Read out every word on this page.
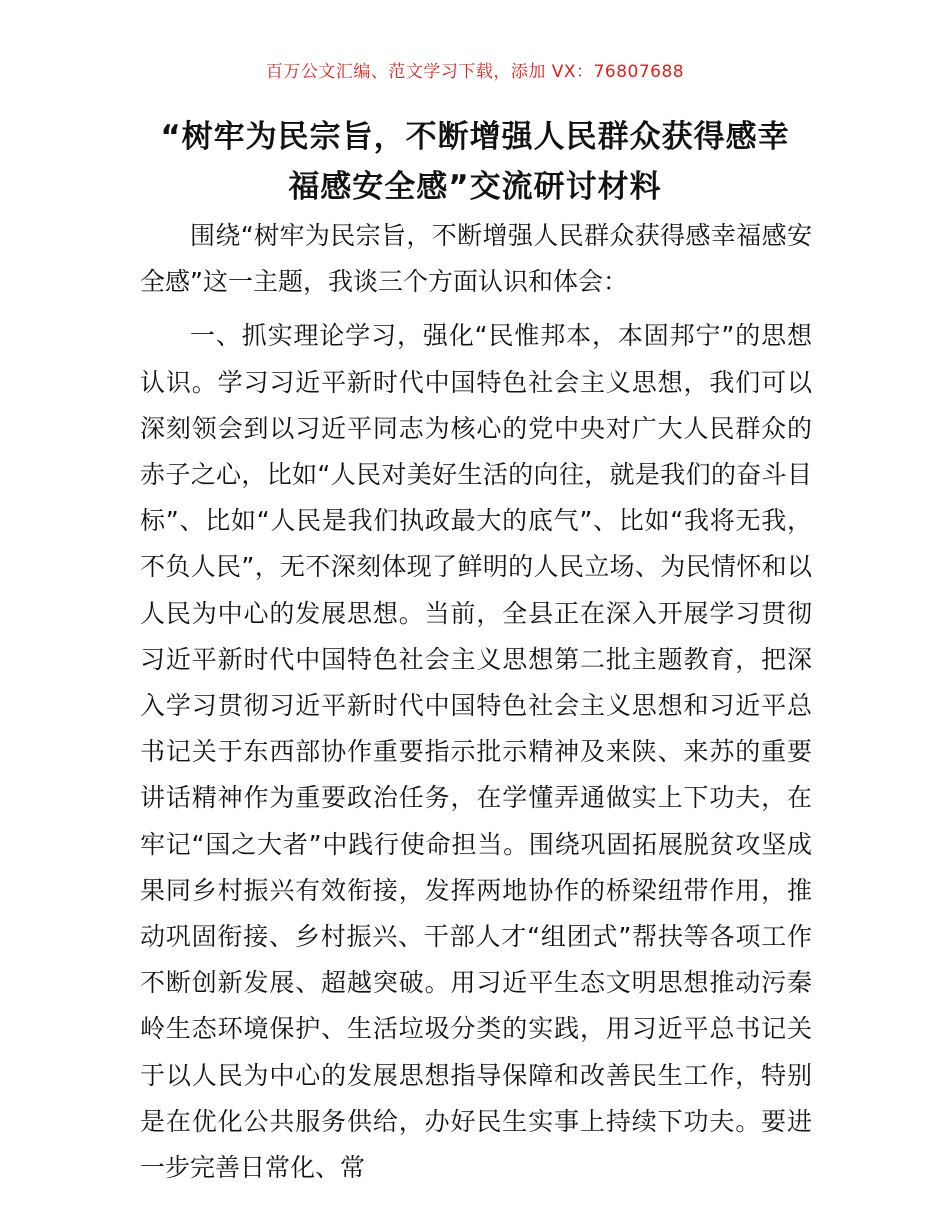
百万公文汇编、范文学习下载，添加 VX：76807688
“树牢为民宗旨，不断增强人民群众获得感幸
福感安全感”交流研讨材料

围绕“树牢为民宗旨，不断增强人民群众获得感幸福感安全感”这一主题，我谈三个方面认识和体会：

一、抓实理论学习，强化“民惟邦本，本固邦宁”的思想认识。学习习近平新时代中国特色社会主义思想，我们可以深刻领会到以习近平同志为核心的党中央对广大人民群众的赤子之心，比如“人民对美好生活的向往，就是我们的奋斗目标”、比如“人民是我们执政最大的底气”、比如“我将无我，不负人民”，无不深刻体现了鲜明的人民立场、为民情怀和以人民为中心的发展思想。当前，全县正在深入开展学习贯彻习近平新时代中国特色社会主义思想第二批主题教育，把深入学习贯彻习近平新时代中国特色社会主义思想和习近平总书记关于东西部协作重要指示批示精神及来陕、来苏的重要讲话精神作为重要政治任务，在学懂弄通做实上下功夫，在牢记“国之大者”中践行使命担当。围绕巩固拓展脱贫攻坚成果同乡村振兴有效衔接，发挥两地协作的桥梁纽带作用，推动巩固衔接、乡村振兴、干部人才“组团式”帮扶等各项工作不断创新发展、超越突破。用习近平生态文明思想推动污秦岭生态环境保护、生活垃圾分类的实践，用习近平总书记关于以人民为中心的发展思想指导保障和改善民生工作，特别是在优化公共服务供给，办好民生实事上持续下功夫。要进一步完善日常化、常
